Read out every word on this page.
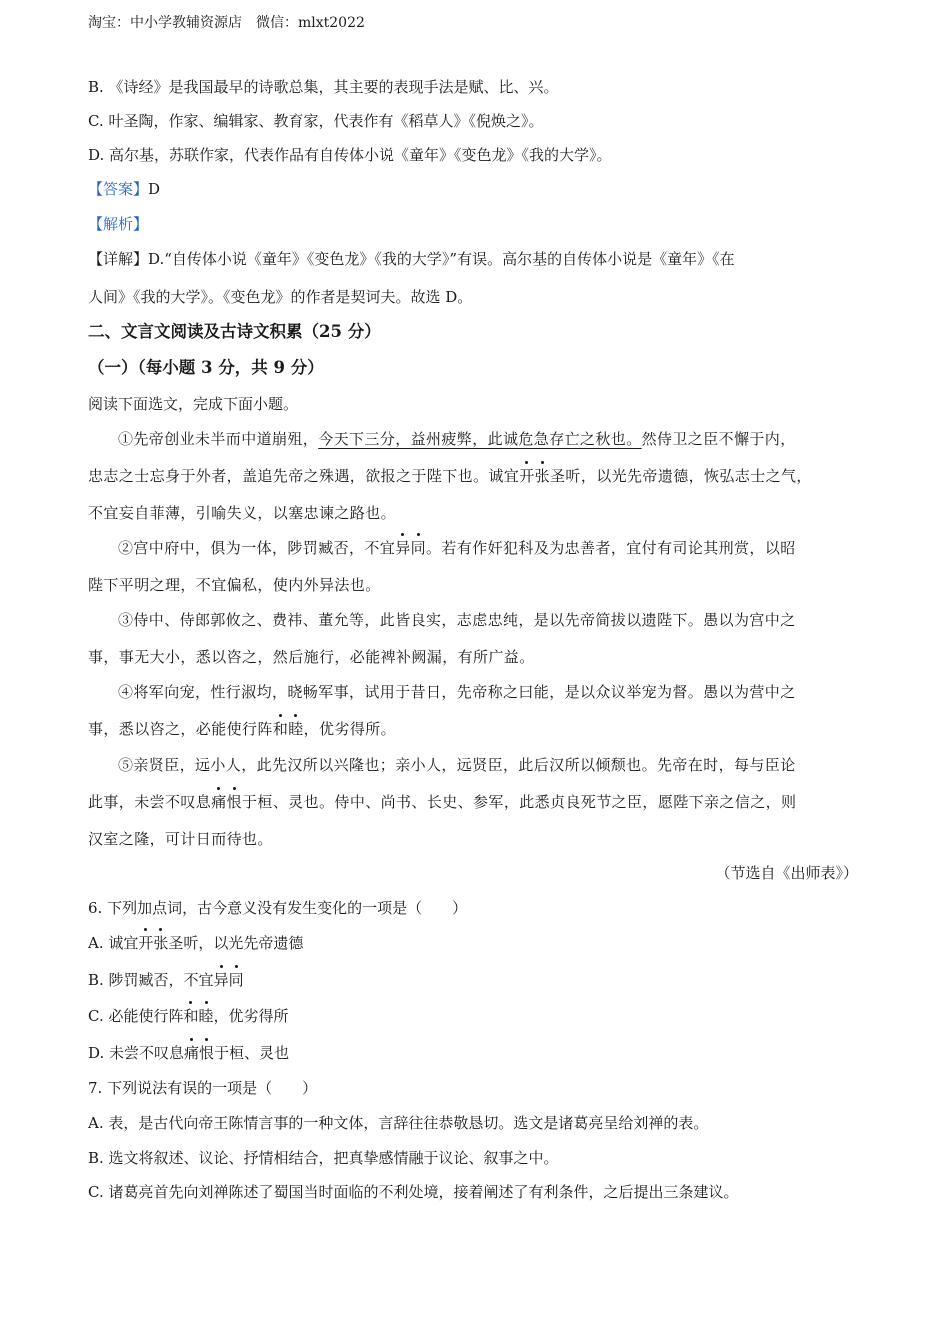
淘宝：中小学教辅资源店　微信：mlxt2022
B. 《诗经》是我国最早的诗歌总集，其主要的表现手法是赋、比、兴。
C. 叶圣陶，作家、编辑家、教育家，代表作有《稻草人》《倪焕之》。
D. 高尔基，苏联作家，代表作品有自传体小说《童年》《变色龙》《我的大学》。
【答案】D
【解析】
【详解】D.“自传体小说《童年》《变色龙》《我的大学》”有误。高尔基的自传体小说是《童年》《在
人间》《我的大学》。《变色龙》的作者是契诃夫。故选 D。
二、文言文阅读及古诗文积累（25 分）
（一）（每小题 3 分，共 9 分）
阅读下面选文，完成下面小题。
①先帝创业未半而中道崩殂，今天下三分，益州疲弊，此诚危急存亡之秋也。然侍卫之臣不懈于内，
忠志之士忘身于外者，盖追先帝之殊遇，欲报之于陛下也。诚宜开张圣听，以光先帝遗德，恢弘志士之气，
不宜妄自菲薄，引喻失义，以塞忠谏之路也。
②宫中府中，俱为一体，陟罚臧否，不宜异同。若有作奸犯科及为忠善者，宜付有司论其刑赏，以昭
陛下平明之理，不宜偏私，使内外异法也。
③侍中、侍郎郭攸之、费祎、董允等，此皆良实，志虑忠纯，是以先帝简拔以遗陛下。愚以为宫中之
事，事无大小，悉以咨之，然后施行，必能裨补阙漏，有所广益。
④将军向宠，性行淑均，晓畅军事，试用于昔日，先帝称之曰能，是以众议举宠为督。愚以为营中之
事，悉以咨之，必能使行阵和睦，优劣得所。
⑤亲贤臣，远小人，此先汉所以兴隆也；亲小人，远贤臣，此后汉所以倾颓也。先帝在时，每与臣论
此事，未尝不叹息痛恨于桓、灵也。侍中、尚书、长史、参军，此悉贞良死节之臣，愿陛下亲之信之，则
汉室之隆，可计日而待也。
（节选自《出师表》）
6. 下列加点词，古今意义没有发生变化的一项是（　　）
A. 诚宜开张圣听，以光先帝遗德
B. 陟罚臧否，不宜异同
C. 必能使行阵和睦，优劣得所
D. 未尝不叹息痛恨于桓、灵也
7. 下列说法有误的一项是（　　）
A. 表，是古代向帝王陈情言事的一种文体，言辞往往恭敬恳切。选文是诸葛亮呈给刘禅的表。
B. 选文将叙述、议论、抒情相结合，把真挚感情融于议论、叙事之中。
C. 诸葛亮首先向刘禅陈述了蜀国当时面临的不利处境，接着阐述了有利条件，之后提出三条建议。
